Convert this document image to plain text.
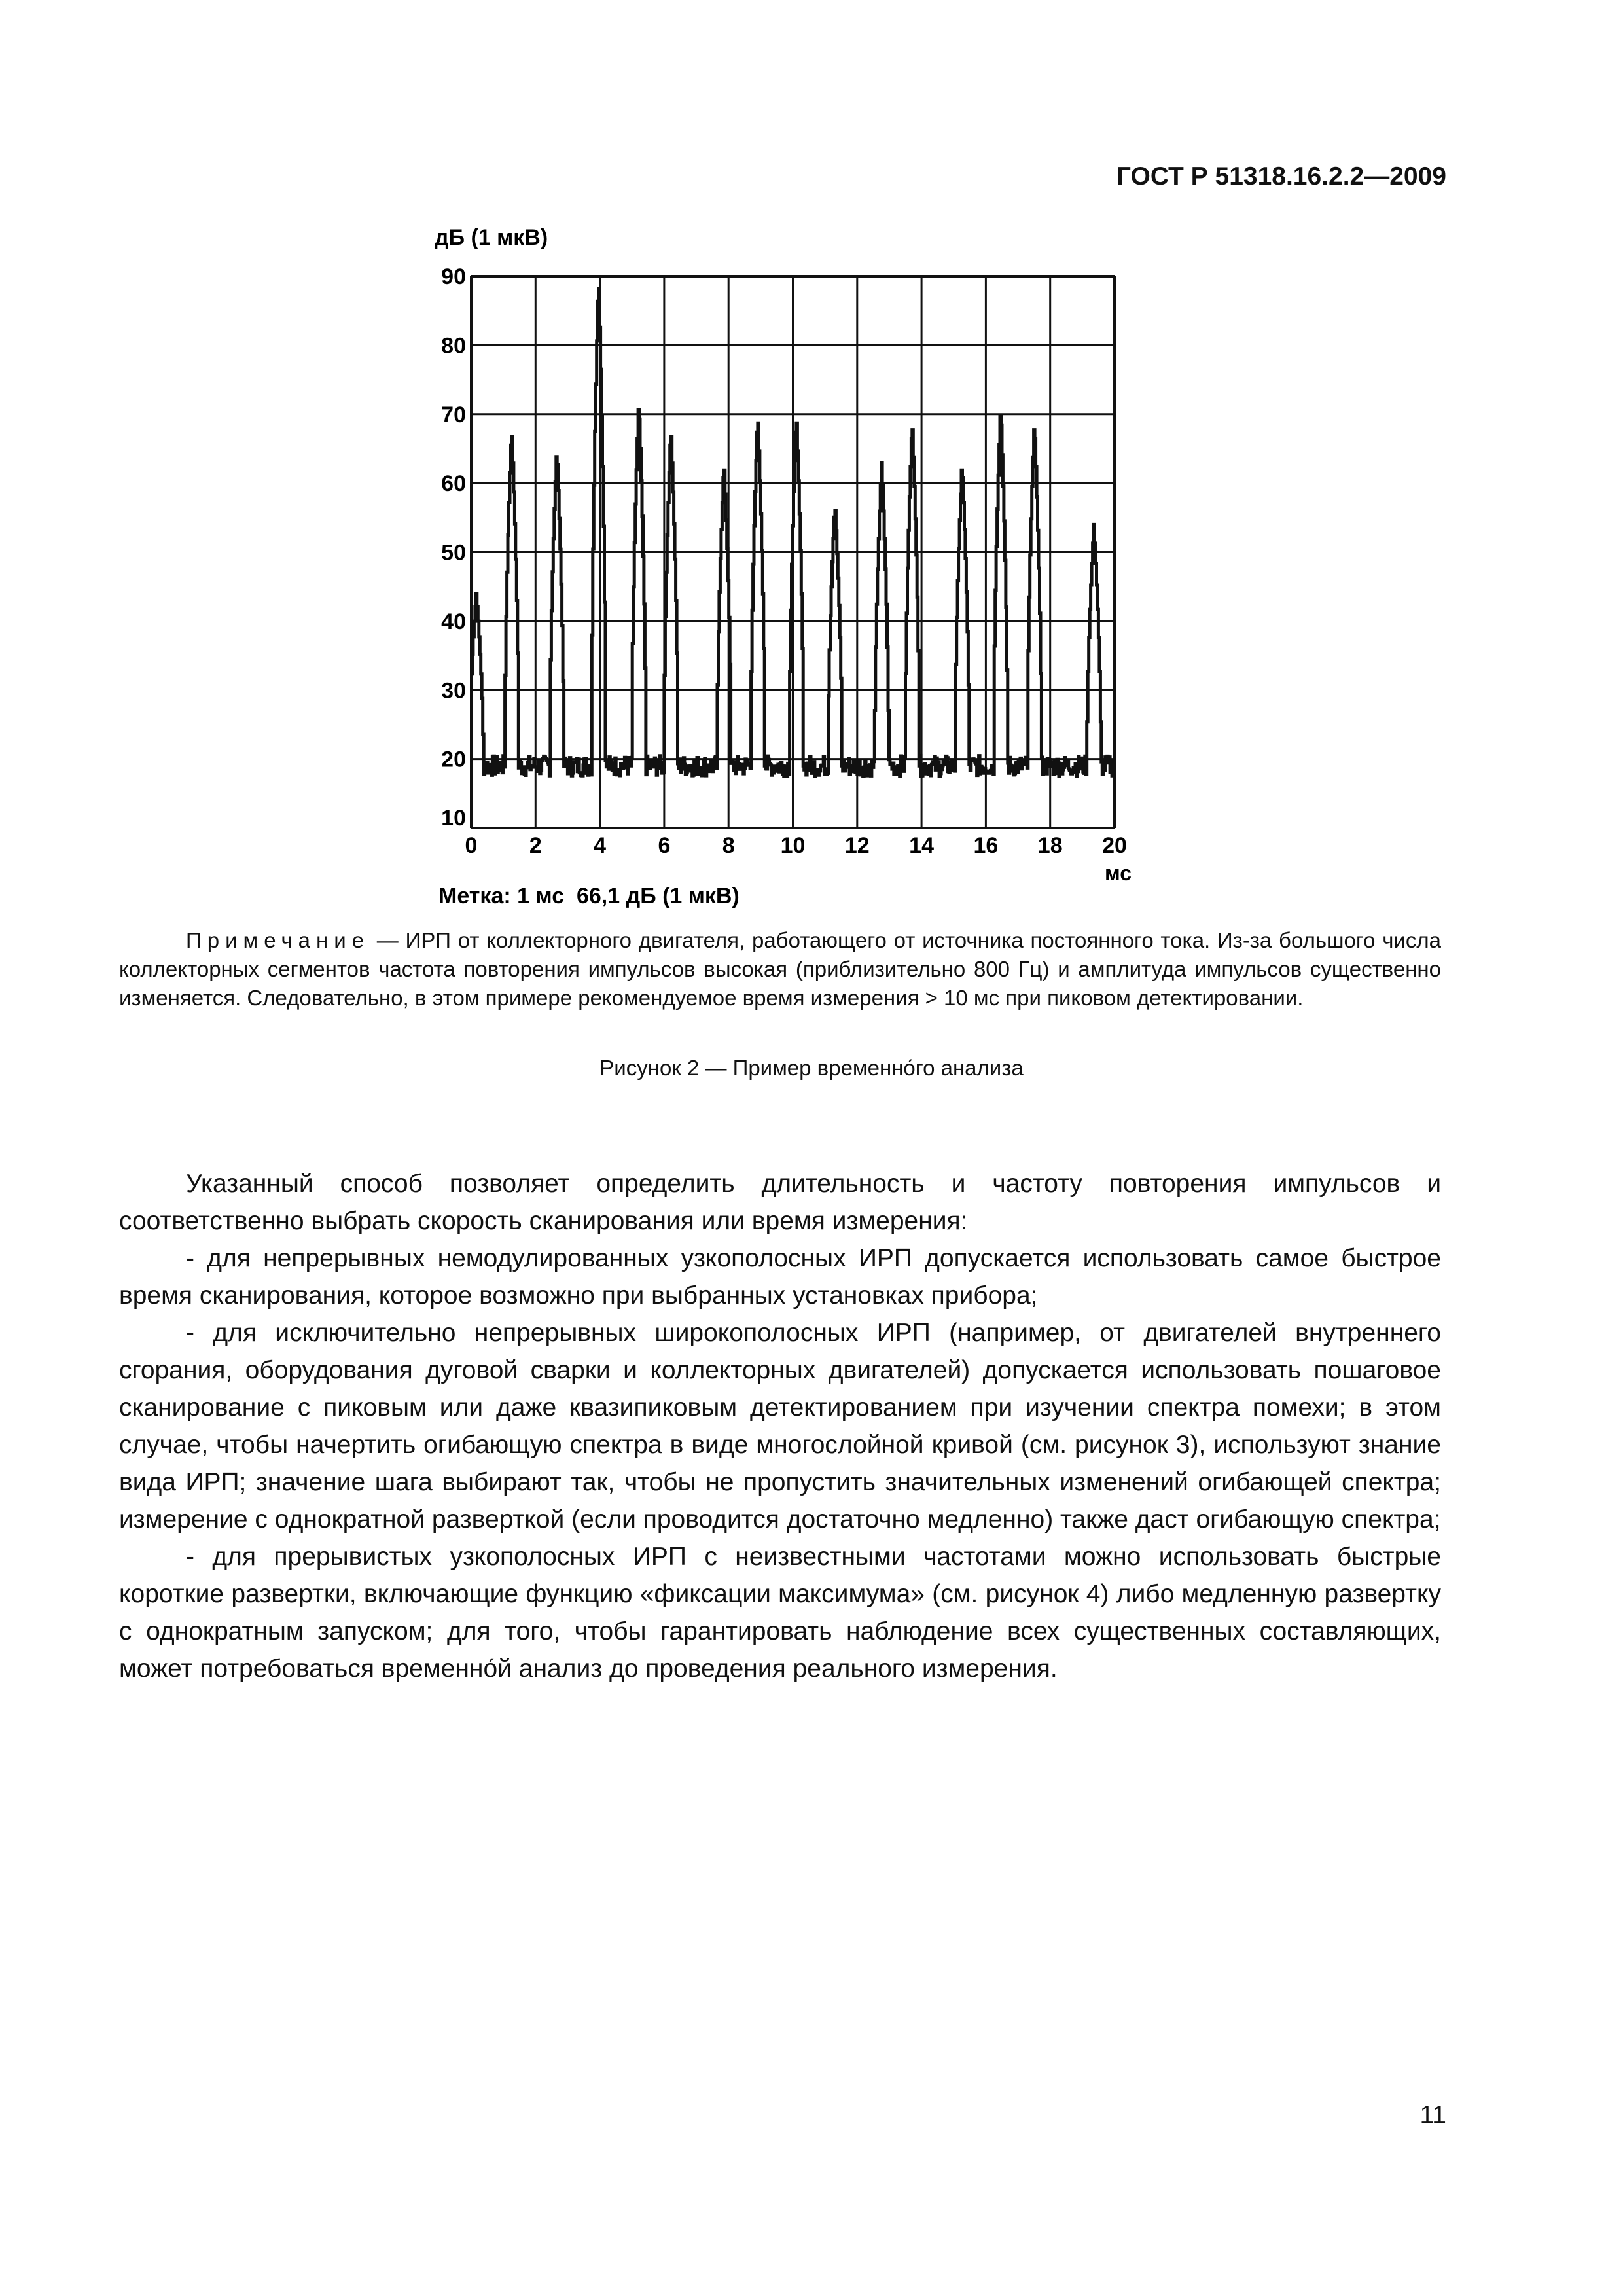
ГОСТ Р 51318.16.2.2—2009
дБ (1 мкВ)
10
20
30
40
50
60
70
80
90
0 2 4 6 8 10 12 14 16 18 20
мс
Метка: 1 мс  66,1 дБ (1 мкВ)

Примечание — ИРП от коллекторного двигателя, работающего от источника постоянного тока. Из-за большого числа коллекторных сегментов частота повторения импульсов высокая (приблизительно 800 Гц) и амплитуда импульсов существенно изменяется. Следовательно, в этом примере рекомендуемое время измерения > 10 мс при пиковом детектировании.

Рисунок 2 — Пример временно́го анализа

Указанный способ позволяет определить длительность и частоту повторения импульсов и соответственно выбрать скорость сканирования или время измерения:

- для непрерывных немодулированных узкополосных ИРП допускается использовать самое быстрое время сканирования, которое возможно при выбранных установках прибора;

- для исключительно непрерывных широкополосных ИРП (например, от двигателей внутреннего сгорания, оборудования дуговой сварки и коллекторных двигателей) допускается использовать пошаговое сканирование с пиковым или даже квазипиковым детектированием при изучении спектра помехи; в этом случае, чтобы начертить огибающую спектра в виде многослойной кривой (см. рисунок 3), используют знание вида ИРП; значение шага выбирают так, чтобы не пропустить значительных изменений огибающей спектра; измерение с однократной разверткой (если проводится достаточно медленно) также даст огибающую спектра;

- для прерывистых узкополосных ИРП с неизвестными частотами можно использовать быстрые короткие развертки, включающие функцию «фиксации максимума» (см. рисунок 4) либо медленную развертку с однократным запуском; для того, чтобы гарантировать наблюдение всех существенных составляющих, может потребоваться временно́й анализ до проведения реального измерения.

11
